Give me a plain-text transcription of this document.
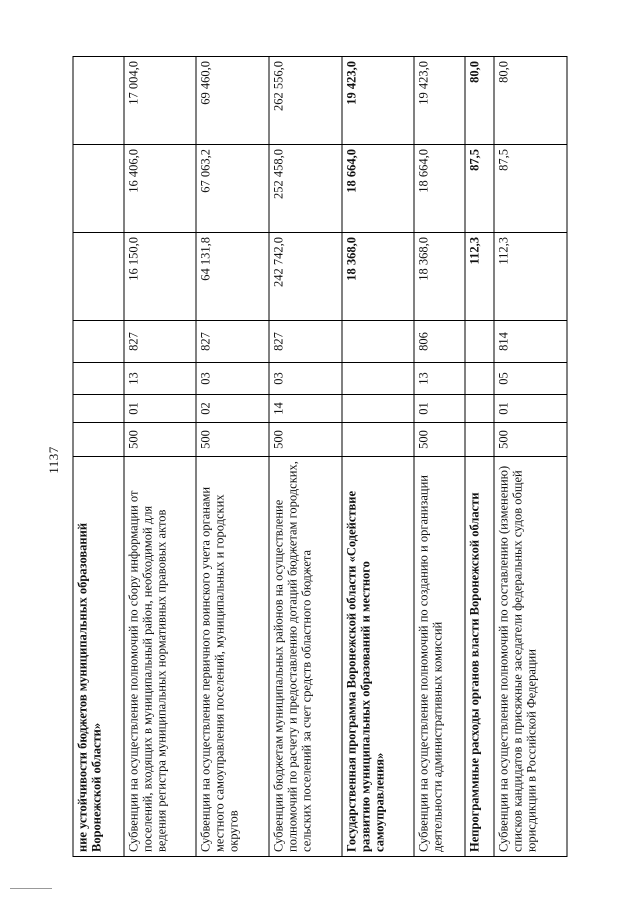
1137
ние устойчивости бюджетов муниципальных образований Воронежской области»							
Субвенции на осуществление полномочий по сбору информации от поселений, входящих в муниципальный район, необходимой для ведения регистра муниципальных нормативных правовых актов	500	01	13	827	16 150,0	16 406,0	17 004,0
Субвенции на осуществление первичного воинского учета органами местного самоуправления поселений, муниципальных и городских округов	500	02	03	827	64 131,8	67 063,2	69 460,0
Субвенции бюджетам муниципальных районов на осуществление полномочий по расчету и предоставлению дотаций бюджетам городских, сельских поселений за счет средств областного бюджета	500	14	03	827	242 742,0	252 458,0	262 556,0
Государственная программа Воронежской области «Содействие развитию муниципальных образований и местного самоуправления»					18 368,0	18 664,0	19 423,0
Субвенции на осуществление полномочий по созданию и организации деятельности административных комиссий	500	01	13	806	18 368,0	18 664,0	19 423,0
Непрограммные расходы органов власти Воронежской области					112,3	87,5	80,0
Субвенции на осуществление полномочий по составлению (изменению) списков кандидатов в присяжные заседатели федеральных судов общей юрисдикции в Российской Федерации	500	01	05	814	112,3	87,5	80,0
